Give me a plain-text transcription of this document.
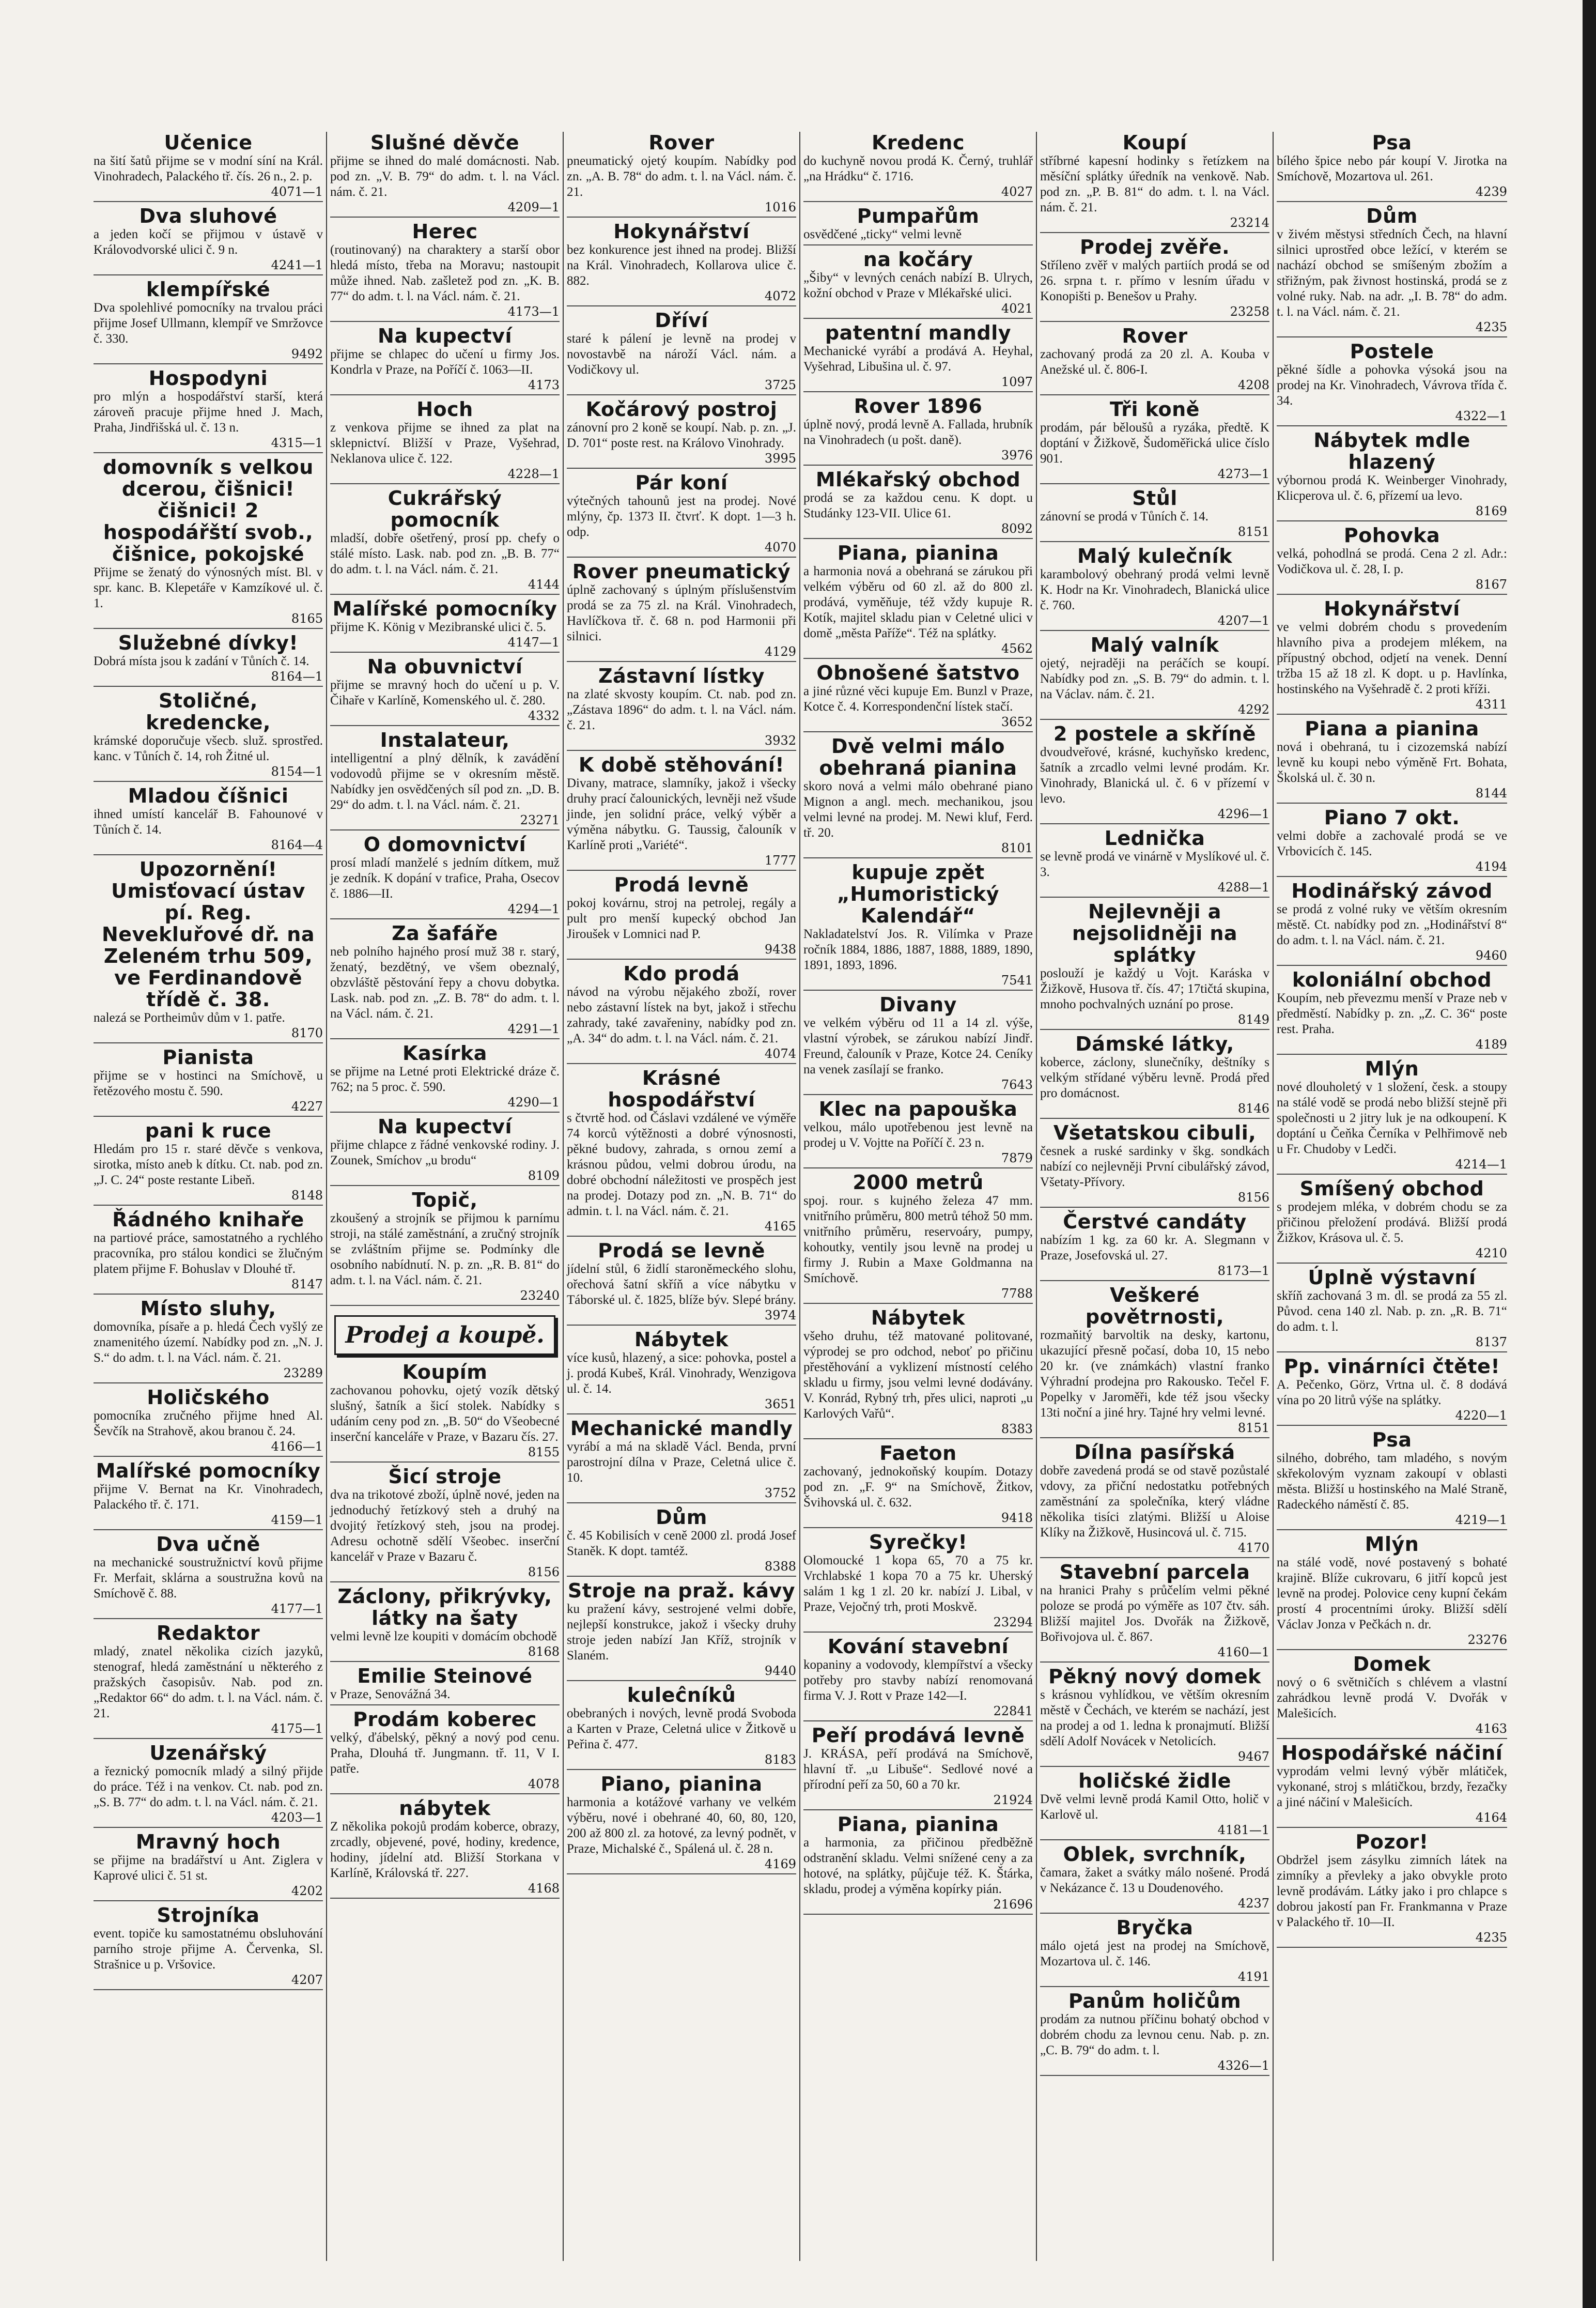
Učenice

na šití šatů přijme se v modní síní na Král. Vinohradech, Palackého tř. čís. 26 n., 2. p.

4071—1
Dva sluhové

a jeden kočí se přijmou v ústavě v Královodvorské ulici č. 9 n.

4241—1
klempířské

Dva spolehlivé pomocníky na trvalou práci přijme Josef Ullmann, klempíř ve Smržovce č. 330.

9492
Hospodyni

pro mlýn a hospodářství starší, která zároveň pracuje přijme hned J. Mach, Praha, Jindřišská ul. č. 13 n.

4315—1
domovník s velkou dcerou, čišnici! čišnici! 2 hospodářští svob., čišnice, pokojské

Přijme se ženatý do výnosných míst. Bl. v spr. kanc. B. Klepetáře v Kamzíkové ul. č. 1.

8165
Služebné dívky!

Dobrá místa jsou k zadání v Tůních č. 14.

8164—1
Stoličné, kredencke,

krámské doporučuje všecb. služ. sprostřed. kanc. v Tůních č. 14, roh Žitné ul.

8154—1
Mladou číšnici

ihned umístí kancelář B. Fahounové v Tůních č. 14.

8164—4
Upozornění! Umisťovací ústav pí. Reg. Nevekluřové dř. na Zeleném trhu 509, ve Ferdinandově třídě č. 38.

nalezá se Portheimův dům v 1. patře.

8170
Pianista

přijme se v hostinci na Smíchově, u řetězového mostu č. 590.

4227
pani k ruce

Hledám pro 15 r. staré děvče s venkova, sirotka, místo aneb k dítku. Ct. nab. pod zn. „J. C. 24“ poste restante Libeň.

8148
Řádného knihaře

na partiové práce, samostatného a rychlého pracovníka, pro stálou kondici se žlučným platem přijme F. Bohuslav v Dlouhé tř.

8147
Místo sluhy,

domovníka, písaře a p. hledá Čech vyšlý ze znamenitého území. Nabídky pod zn. „N. J. S.“ do adm. t. l. na Václ. nám. č. 21.

23289
Holičského

pomocníka zručného přijme hned Al. Ševčík na Strahově, akou branou č. 24.

4166—1
Malířské pomocníky

přijme V. Bernat na Kr. Vinohradech, Palackého tř. č. 171.

4159—1
Dva učně

na mechanické soustružnictví kovů přijme Fr. Merfait, sklárna a soustružna kovů na Smíchově č. 88.

4177—1
Redaktor

mladý, znatel několika cizích jazyků, stenograf, hledá zaměstnání u některého z pražských časopisův. Nab. pod zn. „Redaktor 66“ do adm. t. l. na Václ. nám. č. 21.

4175—1
Uzenářský

a řeznický pomocník mladý a silný přijde do práce. Též i na venkov. Ct. nab. pod zn. „S. B. 77“ do adm. t. l. na Václ. nám. č. 21.

4203—1
Mravný hoch

se přijme na bradářství u Ant. Ziglera v Kaprové ulici č. 51 st.

4202
Strojníka

event. topiče ku samostatnému obsluhování parního stroje přijme A. Červenka, Sl. Strašnice u p. Vršovice.

4207
Slušné děvče

přijme se ihned do malé domácnosti. Nab. pod zn. „V. B. 79“ do adm. t. l. na Václ. nám. č. 21.

4209—1
Herec

(routinovaný) na charaktery a starší obor hledá místo, třeba na Moravu; nastoupit může ihned. Nab. zašletež pod zn. „K. B. 77“ do adm. t. l. na Václ. nám. č. 21.

4173—1
Na kupectví

přijme se chlapec do učení u firmy Jos. Kondrla v Praze, na Poříčí č. 1063—II.

4173
Hoch

z venkova přijme se ihned za plat na sklepnictví. Bližší v Praze, Vyšehrad, Neklanova ulice č. 122.

4228—1
Cukrářský pomocník

mladší, dobře ošetřený, prosí pp. chefy o stálé místo. Lask. nab. pod zn. „B. B. 77“ do adm. t. l. na Václ. nám. č. 21.

4144
Malířské pomocníky

přijme K. König v Mezibranské ulici č. 5.

4147—1
Na obuvnictví

přijme se mravný hoch do učení u p. V. Čihaře v Karlíně, Komenského ul. č. 280.

4332
Instalateur,

intelligentní a plný dělník, k zavádění vodovodů přijme se v okresním městě. Nabídky jen osvědčených síl pod zn. „D. B. 29“ do adm. t. l. na Václ. nám. č. 21.

23271
O domovnictví

prosí mladí manželé s jedním dítkem, muž je zedník. K dopání v trafice, Praha, Osecov č. 1886—II.

4294—1
Za šafáře

neb polního hajného prosí muž 38 r. starý, ženatý, bezdětný, ve všem obeznalý, obzvláště pěstování řepy a chovu dobytka. Lask. nab. pod zn. „Z. B. 78“ do adm. t. l. na Václ. nám. č. 21.

4291—1
Kasírka

se přijme na Letné proti Elektrické dráze č. 762; na 5 proc. č. 590.

4290—1
Na kupectví

přijme chlapce z řádné venkovské rodiny. J. Zounek, Smíchov „u brodu“

8109
Topič,

zkoušený a strojník se přijmou k parnímu stroji, na stálé zaměstnání, a zručný strojník se zvláštním přijme se. Podmínky dle osobního nabídnutí. N. p. zn. „R. B. 81“ do adm. t. l. na Václ. nám. č. 21.

23240
Prodej a koupě.
Koupím

zachovanou pohovku, ojetý vozík dětský slušný, šatník a šicí stolek. Nabídky s udáním ceny pod zn. „B. 50“ do Všeobecné inserční kanceláře v Praze, v Bazaru čís. 27.

8155
Šicí stroje

dva na trikotové zboží, úplně nové, jeden na jednoduchý řetízkový steh a druhý na dvojitý řetízkový steh, jsou na prodej. Adresu ochotně sdělí Všeobec. inserční kancelář v Praze v Bazaru č.

8156
Záclony, přikrývky, látky na šaty

velmi levně lze koupiti v domácím obchodě

8168
Emilie Steinové

v Praze, Senovážná 34.

Prodám koberec

velký, ďábelský, pěkný a nový pod cenu. Praha, Dlouhá tř. Jungmann. tř. 11, V I. patře.

4078
nábytek

Z několika pokojů prodám koberce, obrazy, zrcadly, objevené, pové, hodiny, kredence, hodiny, jídelní atd. Bližší Storkana v Karlíně, Královská tř. 227.

4168
Rover

pneumatický ojetý koupím. Nabídky pod zn. „A. B. 78“ do adm. t. l. na Václ. nám. č. 21.

1016
Hokynářství

bez konkurence jest ihned na prodej. Bližší na Král. Vinohradech, Kollarova ulice č. 882.

4072
Dříví

staré k pálení je levně na prodej v novostavbě na nároží Václ. nám. a Vodičkovy ul.

3725
Kočárový postroj

zánovní pro 2 koně se koupí. Nab. p. zn. „J. D. 701“ poste rest. na Královo Vinohrady.

3995
Pár koní

výtečných tahounů jest na prodej. Nové mlýny, čp. 1373 II. čtvrť. K dopt. 1—3 h. odp.

4070
Rover pneumatický

úplně zachovaný s úplným příslušenstvím prodá se za 75 zl. na Král. Vinohradech, Havlíčkova tř. č. 68 n. pod Harmonii při silnici.

4129
Zástavní lístky

na zlaté skvosty koupím. Ct. nab. pod zn. „Zástava 1896“ do adm. t. l. na Václ. nám. č. 21.

3932
K době stěhování!

Divany, matrace, slamníky, jakož i všecky druhy prací čalounických, levněji než všude jinde, jen solidní práce, velký výběr a výměna nábytku. G. Taussig, čalouník v Karlíně proti „Variété“.

1777
Prodá levně

pokoj kovárnu, stroj na petrolej, regály a pult pro menší kupecký obchod Jan Jiroušek v Lomnici nad P.

9438
Kdo prodá

návod na výrobu nějakého zboží, rover nebo zástavní lístek na byt, jakož i střechu zahrady, také zavařeniny, nabídky pod zn. „A. 34“ do adm. t. l. na Václ. nám. č. 21.

4074
Krásné hospodářství

s čtvrtě hod. od Čáslavi vzdálené ve výměře 74 korců výtěžnosti a dobré výnosnosti, pěkné budovy, zahrada, s ornou zemí a krásnou půdou, velmi dobrou úrodu, na dobré obchodní náležitosti ve prospěch jest na prodej. Dotazy pod zn. „N. B. 71“ do admin. t. l. na Václ. nám. č. 21.

4165
Prodá se levně

jídelní stůl, 6 židlí staroněmeckého slohu, ořechová šatní skříň a více nábytku v Táborské ul. č. 1825, blíže býv. Slepé brány.

3974
Nábytek

více kusů, hlazený, a sice: pohovka, postel a j. prodá Kubeš, Král. Vinohrady, Wenzigova ul. č. 14.

3651
Mechanické mandly

vyrábí a má na skladě Václ. Benda, první parostrojní dílna v Praze, Celetná ulice č. 10.

3752
Dům

č. 45 Kobilisích v ceně 2000 zl. prodá Josef Staněk. K dopt. tamtéž.

8388
Stroje na praž. kávy

ku pražení kávy, sestrojené velmi dobře, nejlepší konstrukce, jakož i všecky druhy stroje jeden nabízí Jan Kříž, strojník v Slaném.

9440
kuleĉníků

obebraných i nových, levně prodá Svoboda a Karten v Praze, Celetná ulice v Žitkově u Peřina č. 477.

8183
Piano, pianina

harmonia a kotážové varhany ve velkém výběru, nové i obehrané 40, 60, 80, 120, 200 až 800 zl. za hotové, za levný podnět, v Praze, Michalské č., Spálená ul. č. 28 n.

4169
Kredenc

do kuchyně novou prodá K. Černý, truhlář „na Hrádku“ č. 1716.

4027
Pumpařům

osvědčené „ticky“ velmi levně

na kočáry

„Šiby“ v levných cenách nabízí B. Ulrych, kožní obchod v Praze v Mlékařské ulici.

4021
patentní mandly

Mechanické vyrábí a prodává A. Heyhal, Vyšehrad, Libušina ul. č. 97.

1097
Rover 1896

úplně nový, prodá levně A. Fallada, hrubník na Vinohradech (u pošt. daně).

3976
Mlékařský obchod

prodá se za každou cenu. K dopt. u Studánky 123-VII. Ulice 61.

8092
Piana, pianina

a harmonia nová a obehraná se zárukou při velkém výběru od 60 zl. až do 800 zl. prodává, vyměňuje, též vždy kupuje R. Kotík, majitel skladu pian v Celetné ulici v domě „města Paříže“. Též na splátky.

4562
Obnošené šatstvo

a jiné různé věci kupuje Em. Bunzl v Praze, Kotce č. 4. Korrespondenční lístek stačí.

3652
Dvě velmi málo obehraná pianina

skoro nová a velmi málo obehrané piano Mignon a angl. mech. mechanikou, jsou velmi levné na prodej. M. Newi kluf, Ferd. tř. 20.

8101
kupuje zpět „Humoristický Kalendář“

Nakladatelství Jos. R. Vilímka v Praze ročník 1884, 1886, 1887, 1888, 1889, 1890, 1891, 1893, 1896.

7541
Divany

ve velkém výběru od 11 a 14 zl. výše, vlastní výrobek, se zárukou nabízí Jindř. Freund, čalouník v Praze, Kotce 24. Ceníky na venek zasílají se franko.

7643
Klec na papouška

velkou, málo upotřebenou jest levně na prodej u V. Vojtte na Poříčí č. 23 n.

7879
2000 metrů

spoj. rour. s kujného železa 47 mm. vnitřního průměru, 800 metrů téhož 50 mm. vnitřního průměru, reservoáry, pumpy, kohoutky, ventily jsou levně na prodej u firmy J. Rubin a Maxe Goldmanna na Smíchově.

7788
Nábytek

všeho druhu, též matované politované, výprodej se pro odchod, neboť po přičinu přestěhování a vyklizení místností celého skladu u firmy, jsou velmi levné dodávány. V. Konrád, Rybný trh, přes ulici, naproti „u Karlových Vařů“.

8383
Faeton

zachovaný, jednokoňský koupím. Dotazy pod zn. „F. 9“ na Smíchově, Žitkov, Švihovská ul. č. 632.

9418
Syrečky!

Olomoucké 1 kopa 65, 70 a 75 kr. Vrchlabské 1 kopa 70 a 75 kr. Uherský salám 1 kg 1 zl. 20 kr. nabízí J. Libal, v Praze, Vejočný trh, proti Moskvě.

23294
Kování stavební

kopaniny a vodovody, klempířství a všecky potřeby pro stavby nabízí renomovaná firma V. J. Rott v Praze 142—I.

22841
Peří prodává levně

J. KRÁSA, peří prodává na Smíchově, hlavní tř. „u Libuše“. Sedlové nové a přírodní peří za 50, 60 a 70 kr.

21924
Piana, pianina

a harmonia, za přičinou předběžně odstranění skladu. Velmi snížené ceny a za hotové, na splátky, půjčuje též. K. Štárka, skladu, prodej a výměna kopírky pián.

21696
Koupí

stříbrné kapesní hodinky s řetízkem na měsíční splátky úředník na venkově. Nab. pod zn. „P. B. 81“ do adm. t. l. na Václ. nám. č. 21.

23214
Prodej zvěře.

Stříleno zvěř v malých partiích prodá se od 26. srpna t. r. přímo v lesním úřadu v Konopišti p. Benešov u Prahy.

23258
Rover

zachovaný prodá za 20 zl. A. Kouba v Anežské ul. č. 806-I.

4208
Tři koně

prodám, pár běloušů a ryzáka, předtě. K doptání v Žižkově, Šudoměřická ulice číslo 901.

4273—1
Stůl

zánovní se prodá v Tůních č. 14.

8151
Malý kulečník

karambolový obehraný prodá velmi levně K. Hodr na Kr. Vinohradech, Blanická ulice č. 760.

4207—1
Malý valník

ojetý, nejraději na peráčích se koupí. Nabídky pod zn. „S. B. 79“ do admin. t. l. na Václav. nám. č. 21.

4292
2 postele a skříně

dvoudveřové, krásné, kuchyňsko kredenc, šatník a zrcadlo velmi levné prodám. Kr. Vinohrady, Blanická ul. č. 6 v přízemí v levo.

4296—1
Lednička

se levně prodá ve vinárně v Myslíkové ul. č. 3.

4288—1
Nejlevněji a nejsolidněji na splátky

poslouží je každý u Vojt. Karáska v Žižkově, Husova tř. čís. 47; 17tičtá skupina, mnoho pochvalných uznání po prose.

8149
Dámské látky,

koberce, záclony, slunečníky, deštníky s velkým střídané výběru levně. Prodá před pro domácnost.

8146
Všetatskou cibuli,

česnek a ruské sardinky v škg. sondkách nabízí co nejlevněji První cibulářský závod, Všetaty-Přívory.

8156
Čerstvé candáty

nabízím 1 kg. za 60 kr. A. Slegmann v Praze, Josefovská ul. 27.

8173—1
Veškeré povětrnosti,

rozmaňitý barvoltik na desky, kartonu, ukazující přesně počasí, doba 10, 15 nebo 20 kr. (ve známkách) vlastní franko Výhradní prodejna pro Rakousko. Tečel F. Popelky v Jaroměři, kde též jsou všecky 13ti noční a jiné hry. Tajné hry velmi levné.

8151
Dílna pasířská

dobře zavedená prodá se od stavě pozůstalé vdovy, za přiční nedostatku potřebných zaměstnání za společníka, který vládne několika tisíci zlatými. Bližší u Aloise Klíky na Žižkově, Husincová ul. č. 715.

4170
Stavební parcela

na hranici Prahy s průčelím velmi pěkné poloze se prodá po výměře as 107 čtv. sáh. Bližší majitel Jos. Dvořák na Žižkově, Bořivojova ul. č. 867.

4160—1
Pěkný nový domek

s krásnou vyhlídkou, ve větším okresním městě v Čechách, ve kterém se nachází, jest na prodej a od 1. ledna k pronajmutí. Bližší sdělí Adolf Novácek v Netolicích.

9467
holičské židle

Dvě velmi levně prodá Kamil Otto, holič v Karlově ul.

4181—1
Oblek, svrchník,

čamara, žaket a svátky málo nošené. Prodá v Nekázance č. 13 u Doudenového.

4237
Bryčka

málo ojetá jest na prodej na Smíchově, Mozartova ul. č. 146.

4191
Panům holičům

prodám za nutnou příčinu bohatý obchod v dobrém chodu za levnou cenu. Nab. p. zn. „C. B. 79“ do adm. t. l.

4326—1
Psa

bílého špice nebo pár koupí V. Jirotka na Smíchově, Mozartova ul. 261.

4239
Dům

v živém městysi středních Čech, na hlavní silnici uprostřed obce ležící, v kterém se nachází obchod se smíšeným zbožím a střižným, pak živnost hostinská, prodá se z volné ruky. Nab. na adr. „I. B. 78“ do adm. t. l. na Václ. nám. č. 21.

4235
Postele

pěkné šídle a pohovka výsoká jsou na prodej na Kr. Vinohradech, Vávrova třída č. 34.

4322—1
Nábytek mdle hlazený

výbornou prodá K. Weinberger Vinohrady, Klicperova ul. č. 6, přízemí ua levo.

8169
Pohovka

velká, pohodlná se prodá. Cena 2 zl. Adr.: Vodičkova ul. č. 28, I. p.

8167
Hokynářství

ve velmi dobrém chodu s provedením hlavního piva a prodejem mlékem, na přípustný obchod, odjetí na venek. Denní tržba 15 až 18 zl. K dopt. u p. Havlínka, hostinského na Vyšehradě č. 2 proti kříži.

4311
Piana a pianina

nová i obehraná, tu i cizozemská nabízí levně ku koupi nebo výměně Frt. Bohata, Školská ul. č. 30 n.

8144
Piano 7 okt.

velmi dobře a zachovalé prodá se ve Vrbovicích č. 145.

4194
Hodinářský závod

se prodá z volné ruky ve větším okresním městě. Ct. nabídky pod zn. „Hodinářství 8“ do adm. t. l. na Václ. nám. č. 21.

9460
koloniální obchod

Koupím, neb převezmu menší v Praze neb v předměstí. Nabídky p. zn. „Z. C. 36“ poste rest. Praha.

4189
Mlýn

nové dlouholetý v 1 složení, česk. a stoupy na stálé vodě se prodá nebo bližší stejně při společnosti u 2 jitry luk je na odkoupení. K doptání u Čeňka Černíka v Pelhřimově neb u Fr. Chudoby v Ledči.

4214—1
Smíšený obchod

s prodejem mléka, v dobrém chodu se za přičinou přeložení prodává. Bližší prodá Žižkov, Krásova ul. č. 5.

4210
Úplně výstavní

skříň zachovaná 3 m. dl. se prodá za 55 zl. Původ. cena 140 zl. Nab. p. zn. „R. B. 71“ do adm. t. l.

8137
Pp. vinárníci čtěte!

A. Pečenko, Görz, Vrtna ul. č. 8 dodává vína po 20 litrů výše na splátky.

4220—1
Psa

silného, dobrého, tam mladého, s novým skřekolovým vyznam zakoupí v oblasti města. Bližší u hostinského na Malé Straně, Radeckého náměstí č. 85.

4219—1
Mlýn

na stálé vodě, nové postavený s bohaté krajině. Blíže cukrovaru, 6 jitří kopců jest levně na prodej. Polovice ceny kupní čekám prostí 4 procentními úroky. Bližší sdělí Václav Jonza v Pečkách n. dr.

23276
Domek

nový o 6 světničích s chlévem a vlastní zahrádkou levně prodá V. Dvořák v Malešicích.

4163
Hospodářské náčiní

vyprodám velmi levný výběr mlátiček, vykonané, stroj s mlátičkou, brzdy, řezačky a jiné náčiní v Malešicích.

4164
Pozor!

Obdržel jsem zásylku zimních látek na zimníky a převleky a jako obvykle proto levně prodávám. Látky jako i pro chlapce s dobrou jakostí pan Fr. Frankmanna v Praze v Palackého tř. 10—II.

4235
